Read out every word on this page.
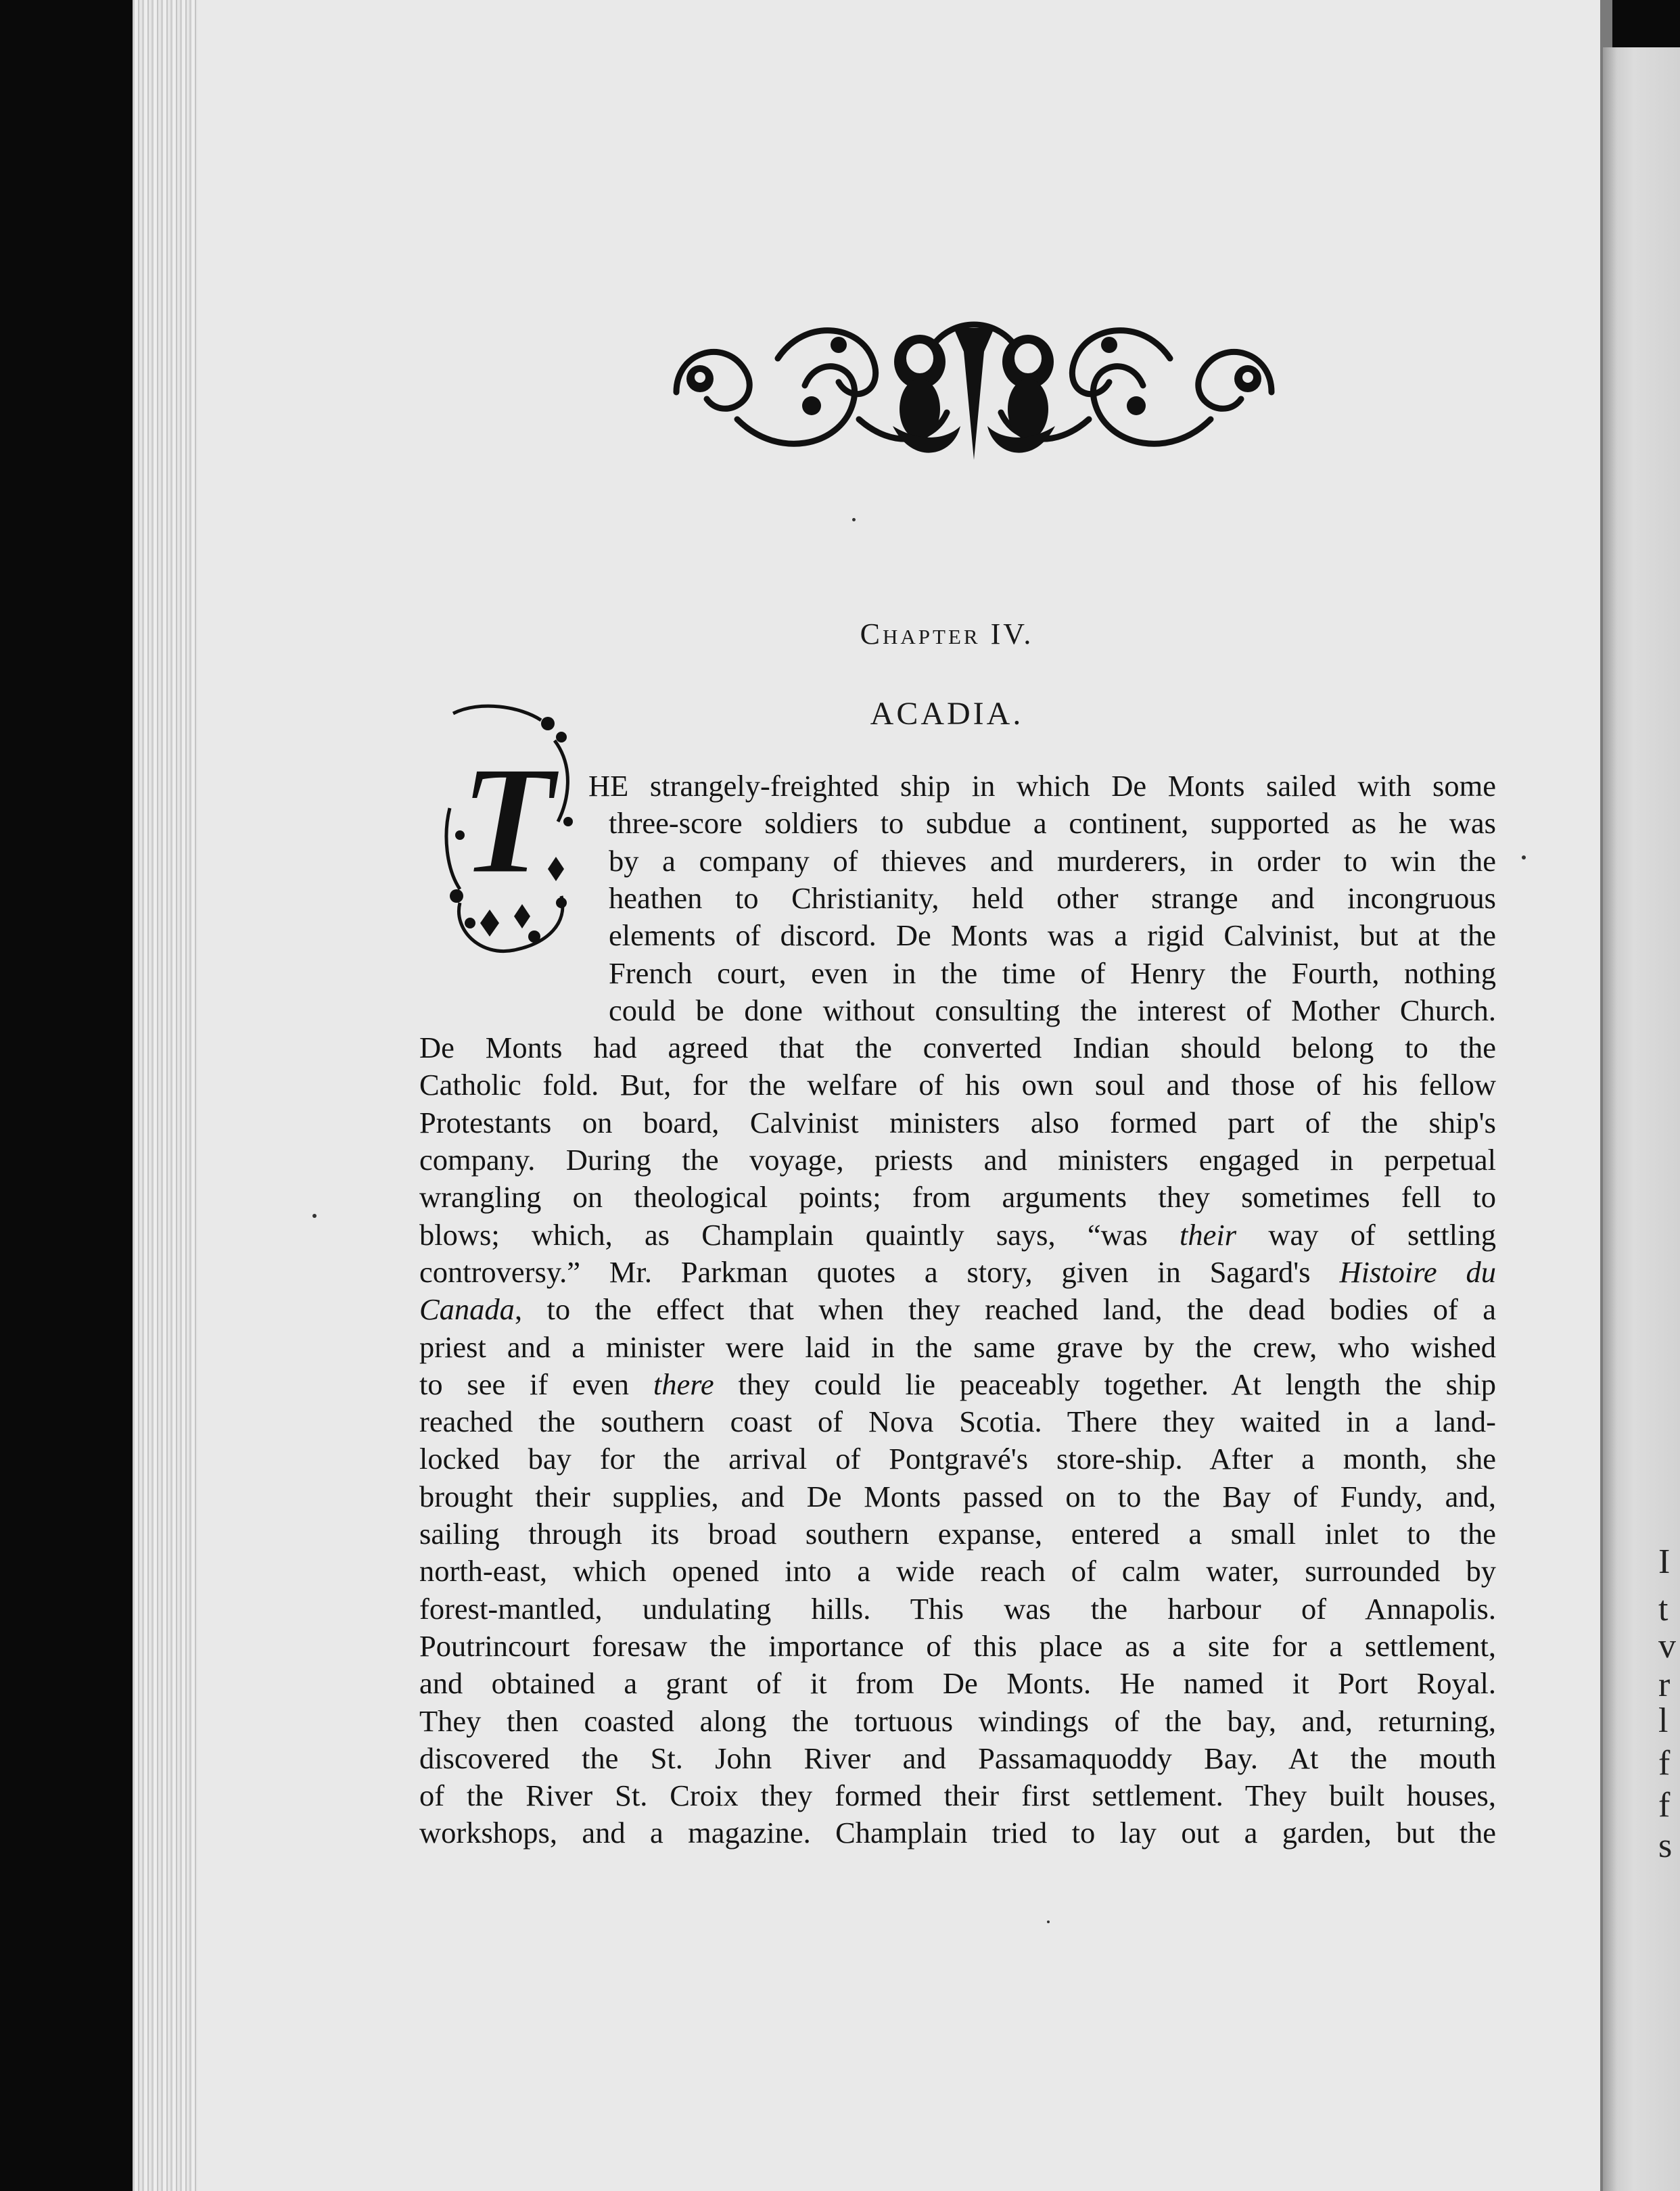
I
t
v
r
l
f
f
s
Chapter IV.
ACADIA.
T HE strangely-freighted ship in which De Monts sailed with some
three-score soldiers to subdue a continent, supported as he was
by a company of thieves and murderers, in order to win the
heathen to Christianity, held other strange and incongruous
elements of discord. De Monts was a rigid Calvinist, but at the
French court, even in the time of Henry the Fourth, nothing
could be done without consulting the interest of Mother Church.
De Monts had agreed that the converted Indian should belong to the
Catholic fold. But, for the welfare of his own soul and those of his fellow
Protestants on board, Calvinist ministers also formed part of the ship's
company. During the voyage, priests and ministers engaged in perpetual
wrangling on theological points; from arguments they sometimes fell to
blows; which, as Champlain quaintly says, “was their way of settling
controversy.” Mr. Parkman quotes a story, given in Sagard's Histoire du
Canada, to the effect that when they reached land, the dead bodies of a
priest and a minister were laid in the same grave by the crew, who wished
to see if even there they could lie peaceably together. At length the ship
reached the southern coast of Nova Scotia. There they waited in a land-
locked bay for the arrival of Pontgravé's store-ship. After a month, she
brought their supplies, and De Monts passed on to the Bay of Fundy, and,
sailing through its broad southern expanse, entered a small inlet to the
north-east, which opened into a wide reach of calm water, surrounded by
forest-mantled, undulating hills. This was the harbour of Annapolis.
Poutrincourt foresaw the importance of this place as a site for a settlement,
and obtained a grant of it from De Monts. He named it Port Royal.
They then coasted along the tortuous windings of the bay, and, returning,
discovered the St. John River and Passamaquoddy Bay. At the mouth
of the River St. Croix they formed their first settlement. They built houses,
workshops, and a magazine. Champlain tried to lay out a garden, but the
